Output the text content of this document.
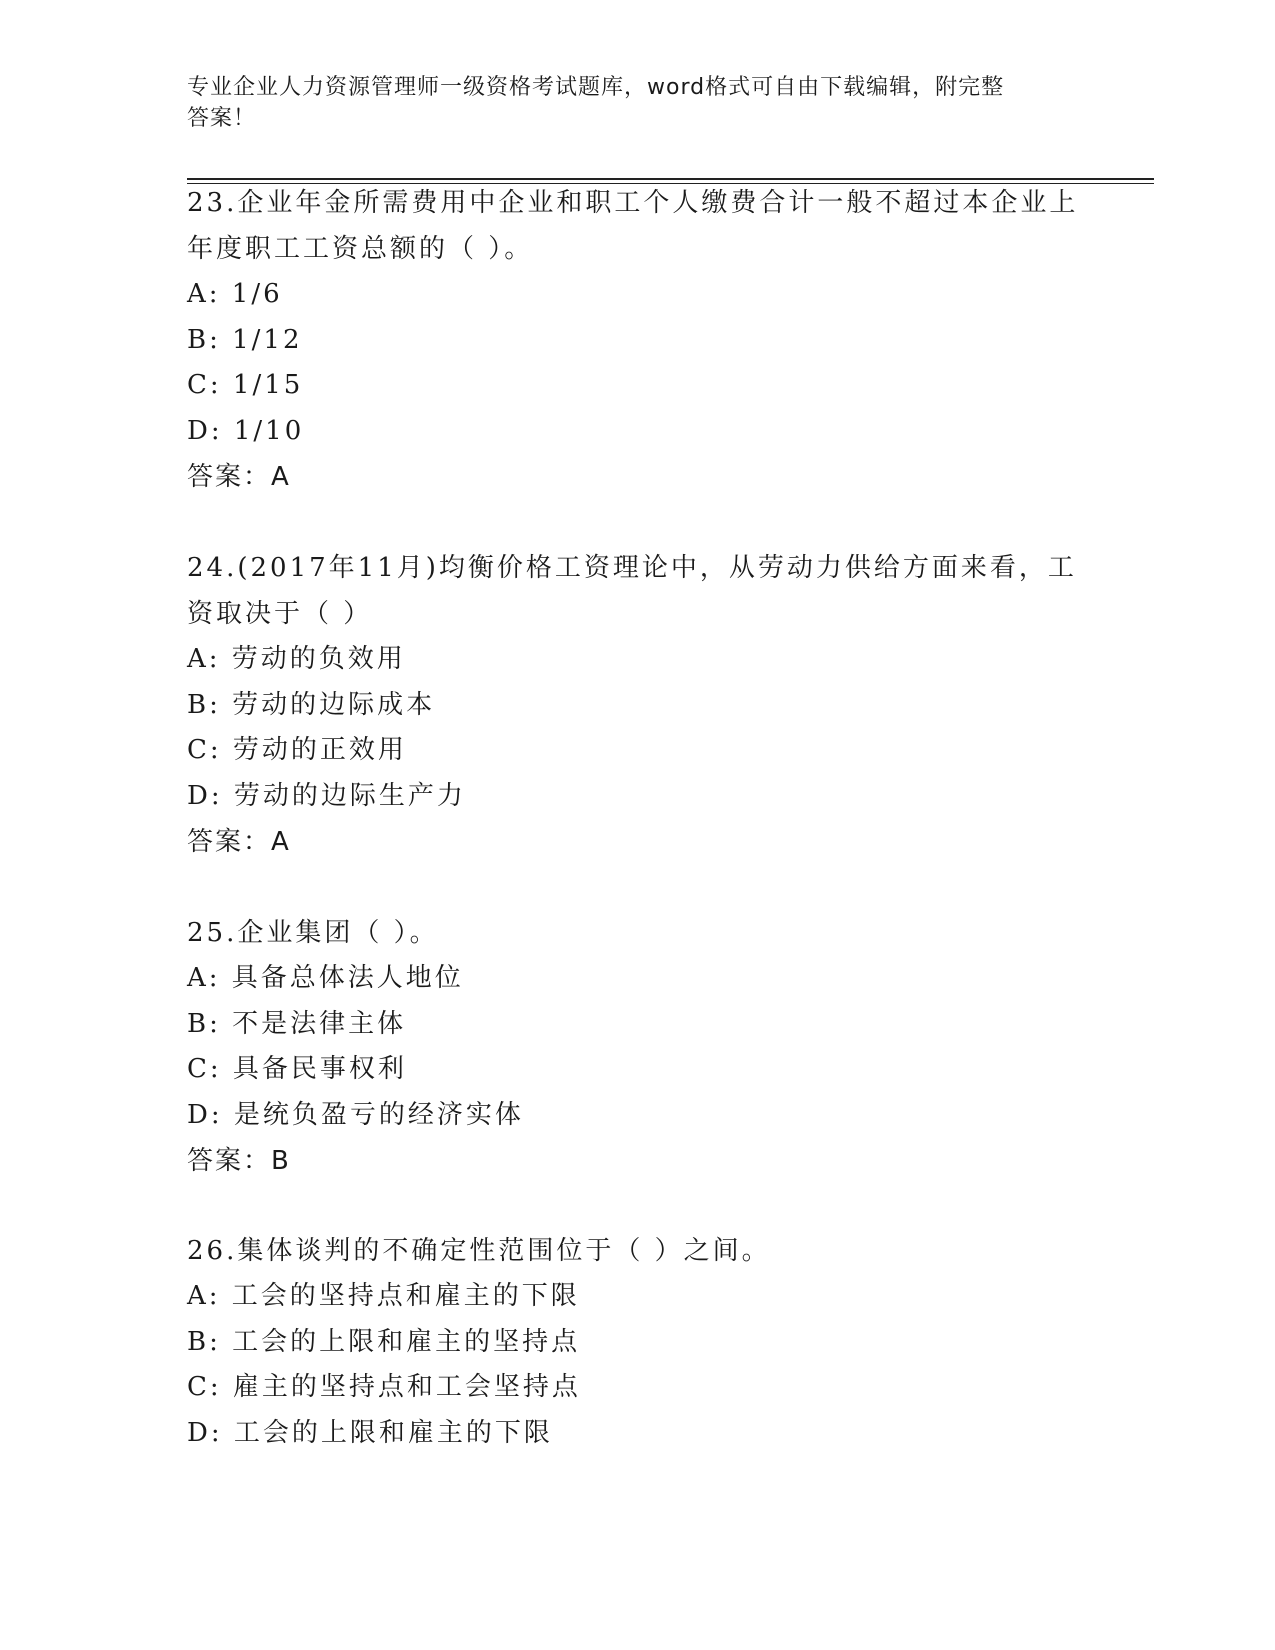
专业企业人力资源管理师一级资格考试题库，word格式可自由下载编辑，附完整
答案！
23.企业年金所需费用中企业和职工个人缴费合计一般不超过本企业上
年度职工工资总额的（ ）。
A: 1/6
B: 1/12
C: 1/15
D: 1/10
答案：A
24.(2017年11月)均衡价格工资理论中，从劳动力供给方面来看，工
资取决于（ ）
A: 劳动的负效用
B: 劳动的边际成本
C: 劳动的正效用
D: 劳动的边际生产力
答案：A
25.企业集团（ ）。
A: 具备总体法人地位
B: 不是法律主体
C: 具备民事权利
D: 是统负盈亏的经济实体
答案：B
26.集体谈判的不确定性范围位于（ ）之间。
A: 工会的坚持点和雇主的下限
B: 工会的上限和雇主的坚持点
C: 雇主的坚持点和工会坚持点
D: 工会的上限和雇主的下限
